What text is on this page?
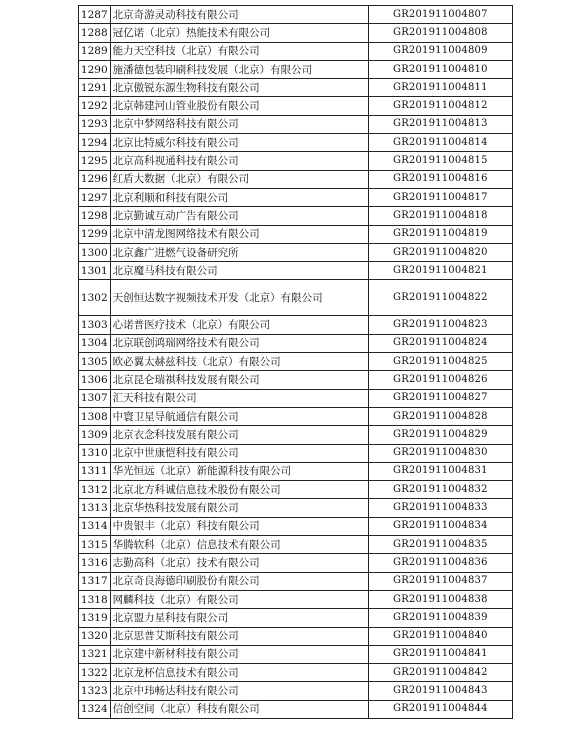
1287	北京奇游灵动科技有限公司	GR201911004807
1288	冠亿诺（北京）热能技术有限公司	GR201911004808
1289	能力天空科技（北京）有限公司	GR201911004809
1290	施潘德包装印刷科技发展（北京）有限公司	GR201911004810
1291	北京傲锐东源生物科技有限公司	GR201911004811
1292	北京韩建河山管业股份有限公司	GR201911004812
1293	北京中梦网络科技有限公司	GR201911004813
1294	北京比特威尔科技有限公司	GR201911004814
1295	北京高科视通科技有限公司	GR201911004815
1296	红盾大数据（北京）有限公司	GR201911004816
1297	北京利顺和科技有限公司	GR201911004817
1298	北京勤诚互动广告有限公司	GR201911004818
1299	北京中清龙图网络技术有限公司	GR201911004819
1300	北京鑫广进燃气设备研究所	GR201911004820
1301	北京魔马科技有限公司	GR201911004821
1302	天创恒达数字视频技术开发（北京）有限公司	GR201911004822
1303	心诺普医疗技术（北京）有限公司	GR201911004823
1304	北京联创鸿瑞网络技术有限公司	GR201911004824
1305	欧必翼太赫兹科技（北京）有限公司	GR201911004825
1306	北京昆仑瑞祺科技发展有限公司	GR201911004826
1307	汇天科技有限公司	GR201911004827
1308	中寰卫星导航通信有限公司	GR201911004828
1309	北京衣念科技发展有限公司	GR201911004829
1310	北京中世康恺科技有限公司	GR201911004830
1311	华光恒远（北京）新能源科技有限公司	GR201911004831
1312	北京北方科诚信息技术股份有限公司	GR201911004832
1313	北京华热科技发展有限公司	GR201911004833
1314	中贵银丰（北京）科技有限公司	GR201911004834
1315	华腾软科（北京）信息技术有限公司	GR201911004835
1316	志勤高科（北京）技术有限公司	GR201911004836
1317	北京奇良海德印刷股份有限公司	GR201911004837
1318	网麟科技（北京）有限公司	GR201911004838
1319	北京盟力星科技有限公司	GR201911004839
1320	北京思普艾斯科技有限公司	GR201911004840
1321	北京建中新材科技有限公司	GR201911004841
1322	北京龙杯信息技术有限公司	GR201911004842
1323	北京中玮畅达科技有限公司	GR201911004843
1324	信创空间（北京）科技有限公司	GR201911004844
